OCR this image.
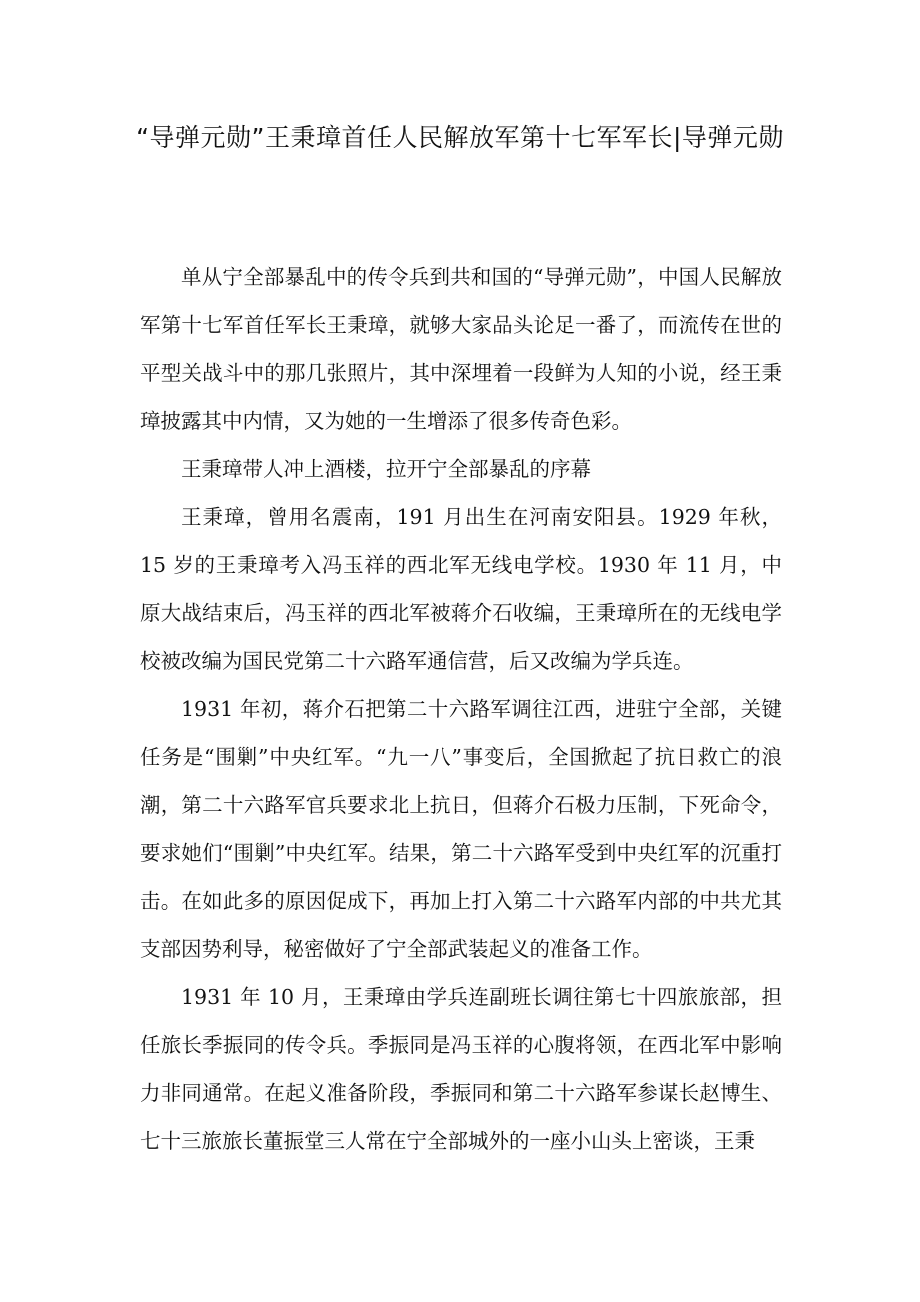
“导弹元勋”王秉璋首任人民解放军第十七军军长|导弹元勋

单从宁全部暴乱中的传令兵到共和国的“导弹元勋”，中国人民解放军第十七军首任军长王秉璋，就够大家品头论足一番了，而流传在世的平型关战斗中的那几张照片，其中深埋着一段鲜为人知的小说，经王秉璋披露其中内情，又为她的一生增添了很多传奇色彩。

王秉璋带人冲上酒楼，拉开宁全部暴乱的序幕

王秉璋，曾用名震南，191 月出生在河南安阳县。1929 年秋，15 岁的王秉璋考入冯玉祥的西北军无线电学校。1930 年 11 月，中原大战结束后，冯玉祥的西北军被蒋介石收编，王秉璋所在的无线电学校被改编为国民党第二十六路军通信营，后又改编为学兵连。

1931 年初，蒋介石把第二十六路军调往江西，进驻宁全部，关键任务是“围剿”中央红军。“九一八”事变后，全国掀起了抗日救亡的浪潮，第二十六路军官兵要求北上抗日，但蒋介石极力压制，下死命令，要求她们“围剿”中央红军。结果，第二十六路军受到中央红军的沉重打击。在如此多的原因促成下，再加上打入第二十六路军内部的中共尤其支部因势利导，秘密做好了宁全部武装起义的准备工作。

1931 年 10 月，王秉璋由学兵连副班长调往第七十四旅旅部，担任旅长季振同的传令兵。季振同是冯玉祥的心腹将领，在西北军中影响力非同通常。在起义准备阶段，季振同和第二十六路军参谋长赵博生、七十三旅旅长董振堂三人常在宁全部城外的一座小山头上密谈，王秉
